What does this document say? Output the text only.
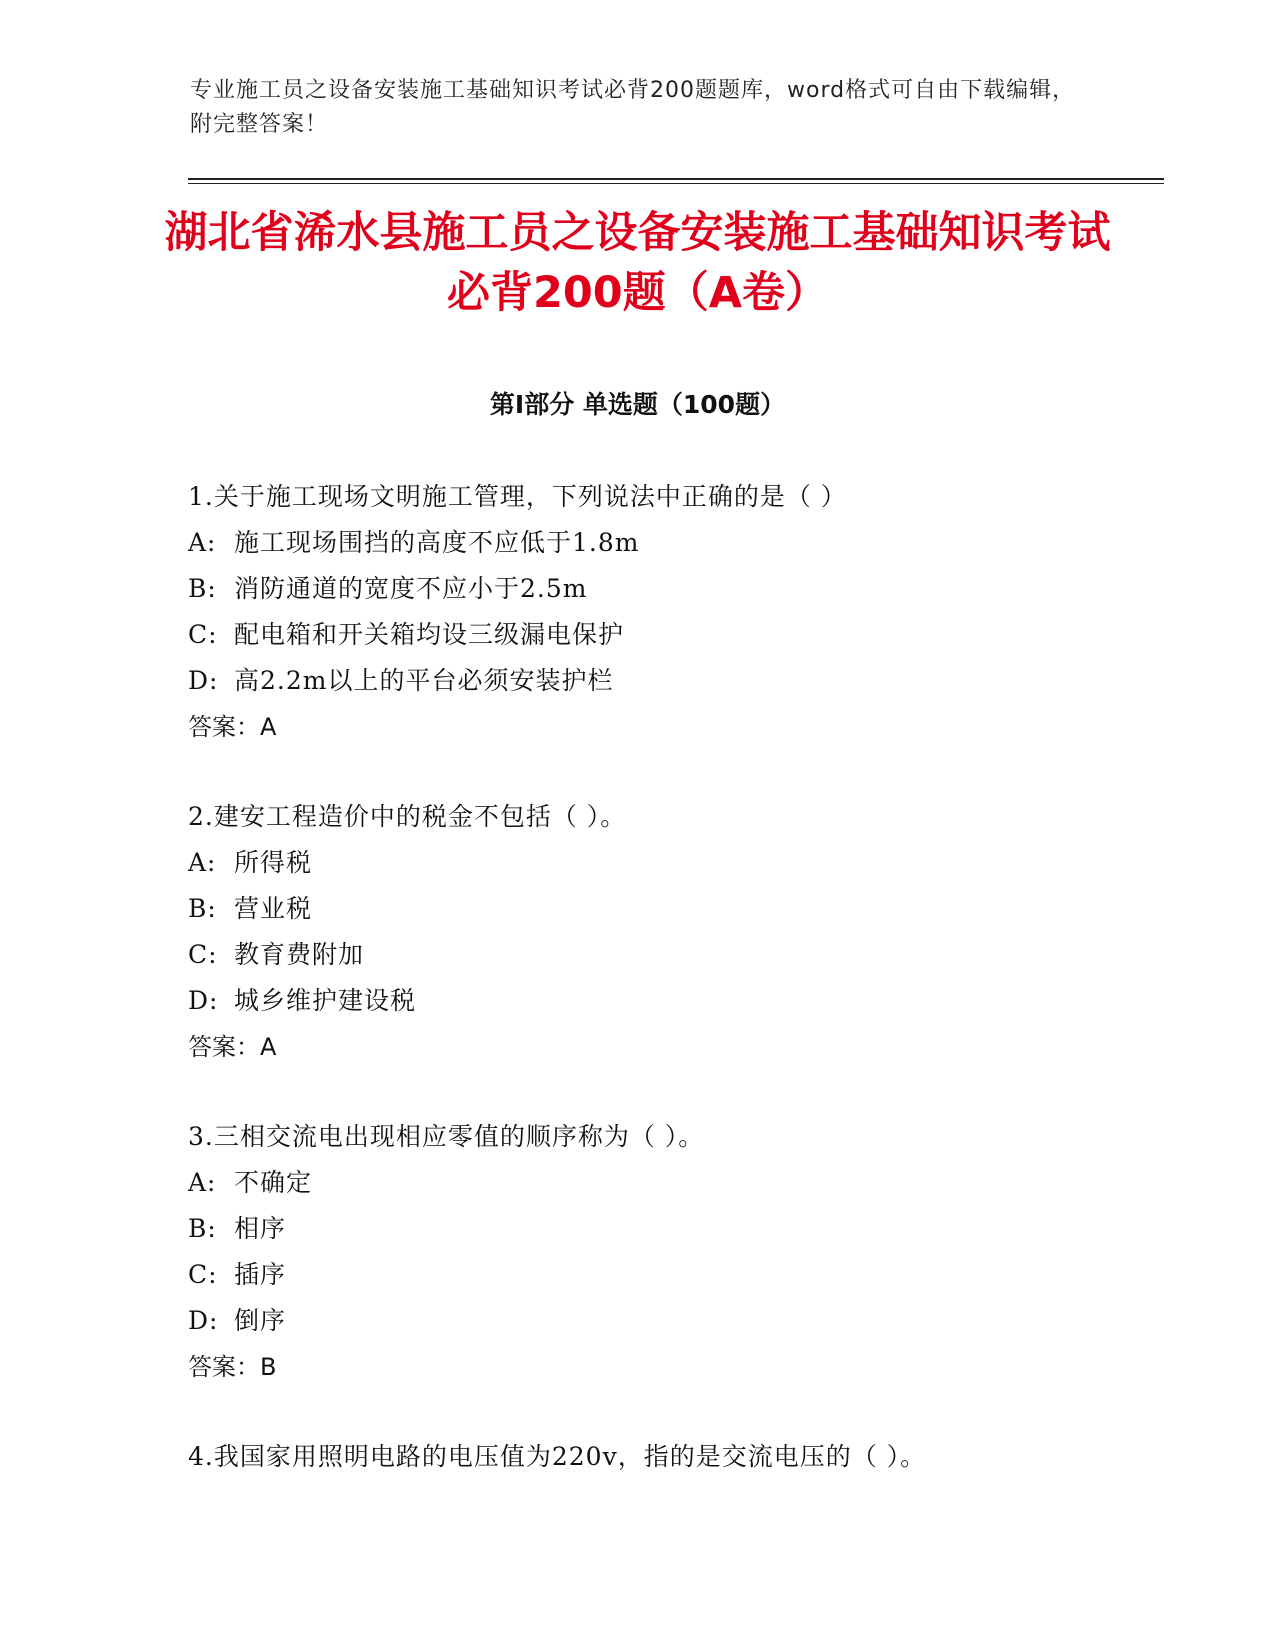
专业施工员之设备安装施工基础知识考试必背200题题库，word格式可自由下载编辑，附完整答案！
湖北省浠水县施工员之设备安装施工基础知识考试必背200题（A卷）
第Ⅰ部分 单选题（100题）
1.关于施工现场文明施工管理，下列说法中正确的是（ ）
A: 施工现场围挡的高度不应低于1.8m
B: 消防通道的宽度不应小于2.5m
C: 配电箱和开关箱均设三级漏电保护
D: 高2.2m以上的平台必须安装护栏
答案：A
2.建安工程造价中的税金不包括（ ）。
A: 所得税
B: 营业税
C: 教育费附加
D: 城乡维护建设税
答案：A
3.三相交流电出现相应零值的顺序称为（ ）。
A: 不确定
B: 相序
C: 插序
D: 倒序
答案：B
4.我国家用照明电路的电压值为220v，指的是交流电压的（ ）。
